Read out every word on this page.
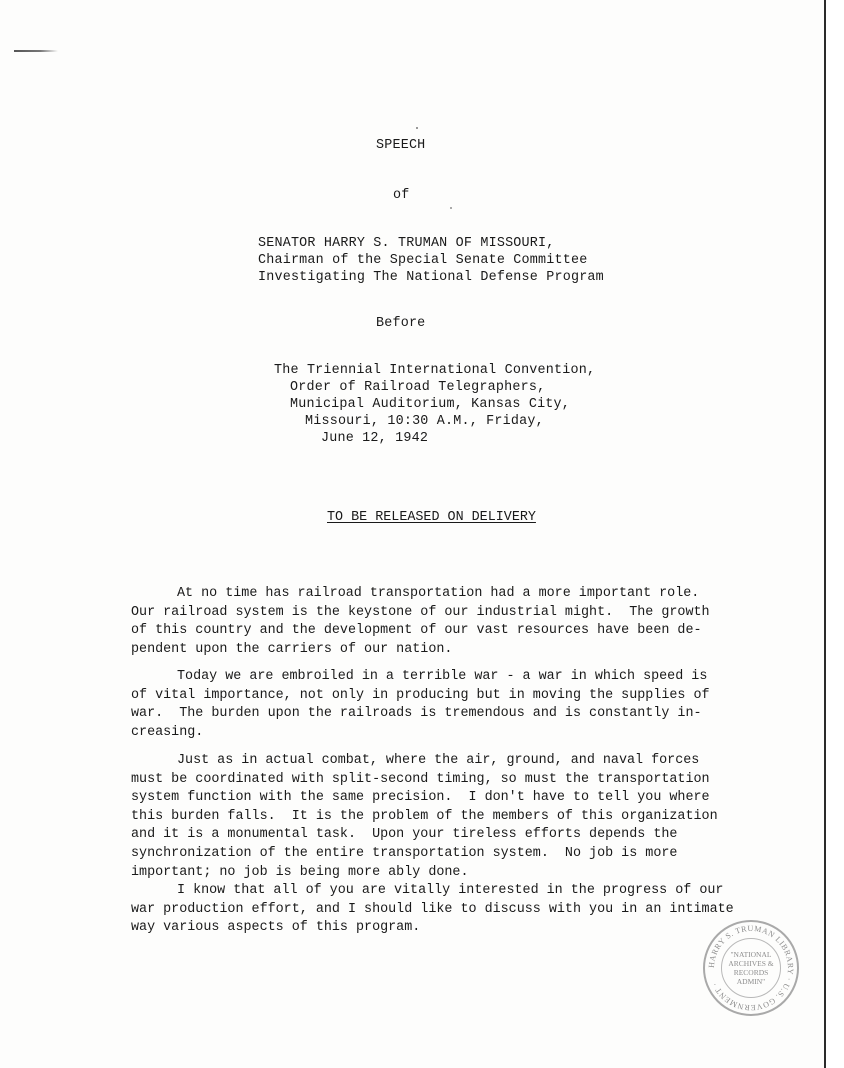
SPEECH
of
SENATOR HARRY S. TRUMAN OF MISSOURI,
Chairman of the Special Senate Committee
Investigating The National Defense Program
Before
The Triennial International Convention,
Order of Railroad Telegraphers,
Municipal Auditorium, Kansas City,
Missouri, 10:30 A.M., Friday,
June 12, 1942
TO BE RELEASED ON DELIVERY
At no time has railroad transportation had a more important role.
Our railroad system is the keystone of our industrial might.  The growth
of this country and the development of our vast resources have been de-
pendent upon the carriers of our nation.
Today we are embroiled in a terrible war - a war in which speed is
of vital importance, not only in producing but in moving the supplies of
war.  The burden upon the railroads is tremendous and is constantly in-
creasing.
Just as in actual combat, where the air, ground, and naval forces
must be coordinated with split-second timing, so must the transportation
system function with the same precision.  I don't have to tell you where
this burden falls.  It is the problem of the members of this organization
and it is a monumental task.  Upon your tireless efforts depends the
synchronization of the entire transportation system.  No job is more
important; no job is being more ably done.
I know that all of you are vitally interested in the progress of our
war production effort, and I should like to discuss with you in an intimate
way various aspects of this program.
HARRY S. TRUMAN LIBRARY · U.S. GOVERNMENT ·
"NATIONAL
ARCHIVES &
RECORDS
ADMIN"
